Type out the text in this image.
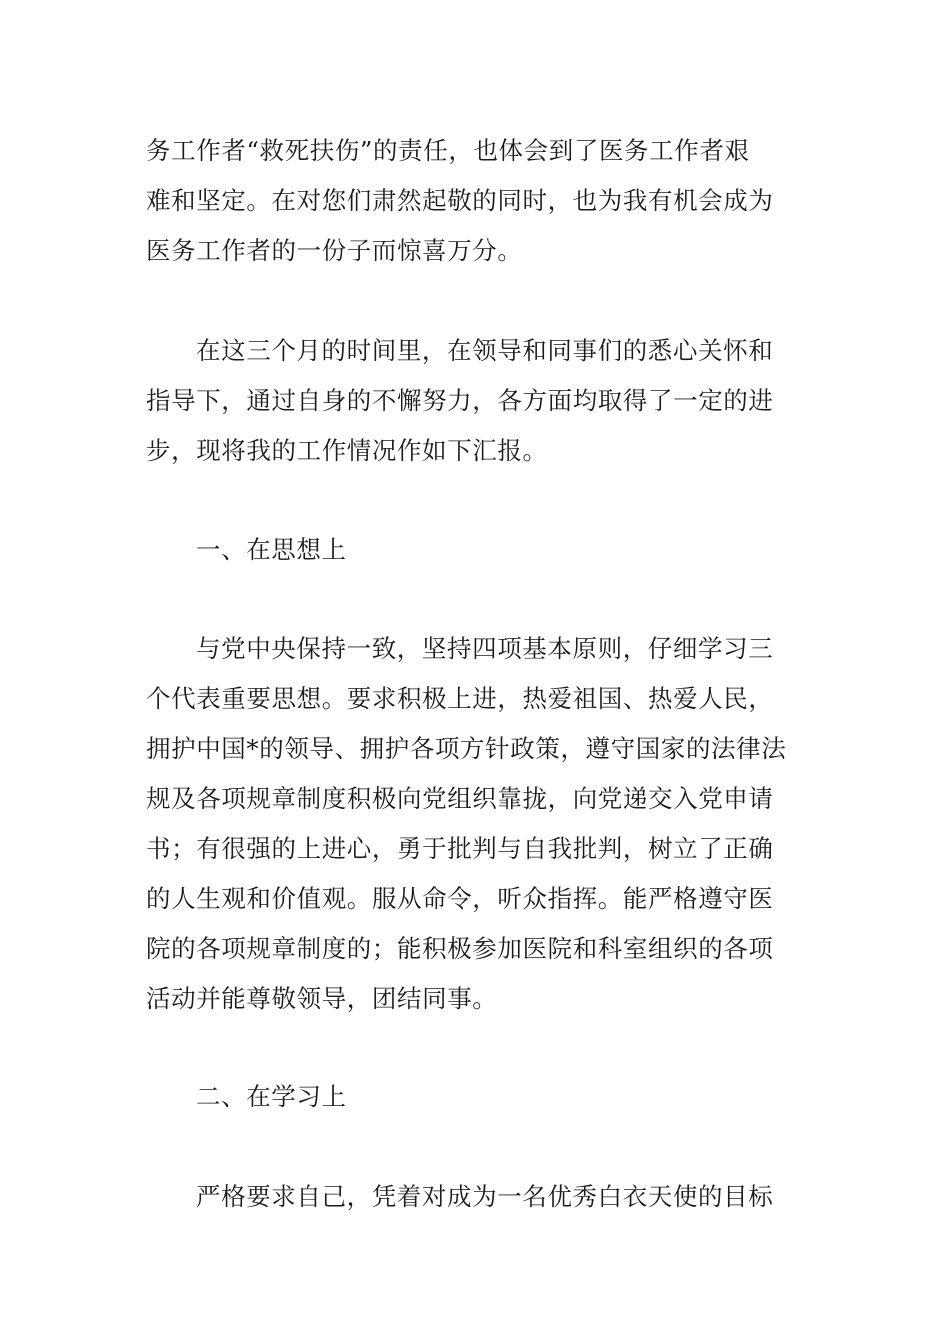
务工作者“救死扶伤”的责任，也体会到了医务工作者艰
难和坚定。在对您们肃然起敬的同时，也为我有机会成为
医务工作者的一份子而惊喜万分。
在这三个月的时间里，在领导和同事们的悉心关怀和
指导下，通过自身的不懈努力，各方面均取得了一定的进
步，现将我的工作情况作如下汇报。
一、在思想上
与党中央保持一致，坚持四项基本原则，仔细学习三
个代表重要思想。要求积极上进，热爱祖国、热爱人民，
拥护中国*的领导、拥护各项方针政策，遵守国家的法律法
规及各项规章制度积极向党组织靠拢，向党递交入党申请
书；有很强的上进心，勇于批判与自我批判，树立了正确
的人生观和价值观。服从命令，听众指挥。能严格遵守医
院的各项规章制度的；能积极参加医院和科室组织的各项
活动并能尊敬领导，团结同事。
二、在学习上
严格要求自己，凭着对成为一名优秀白衣天使的目标
